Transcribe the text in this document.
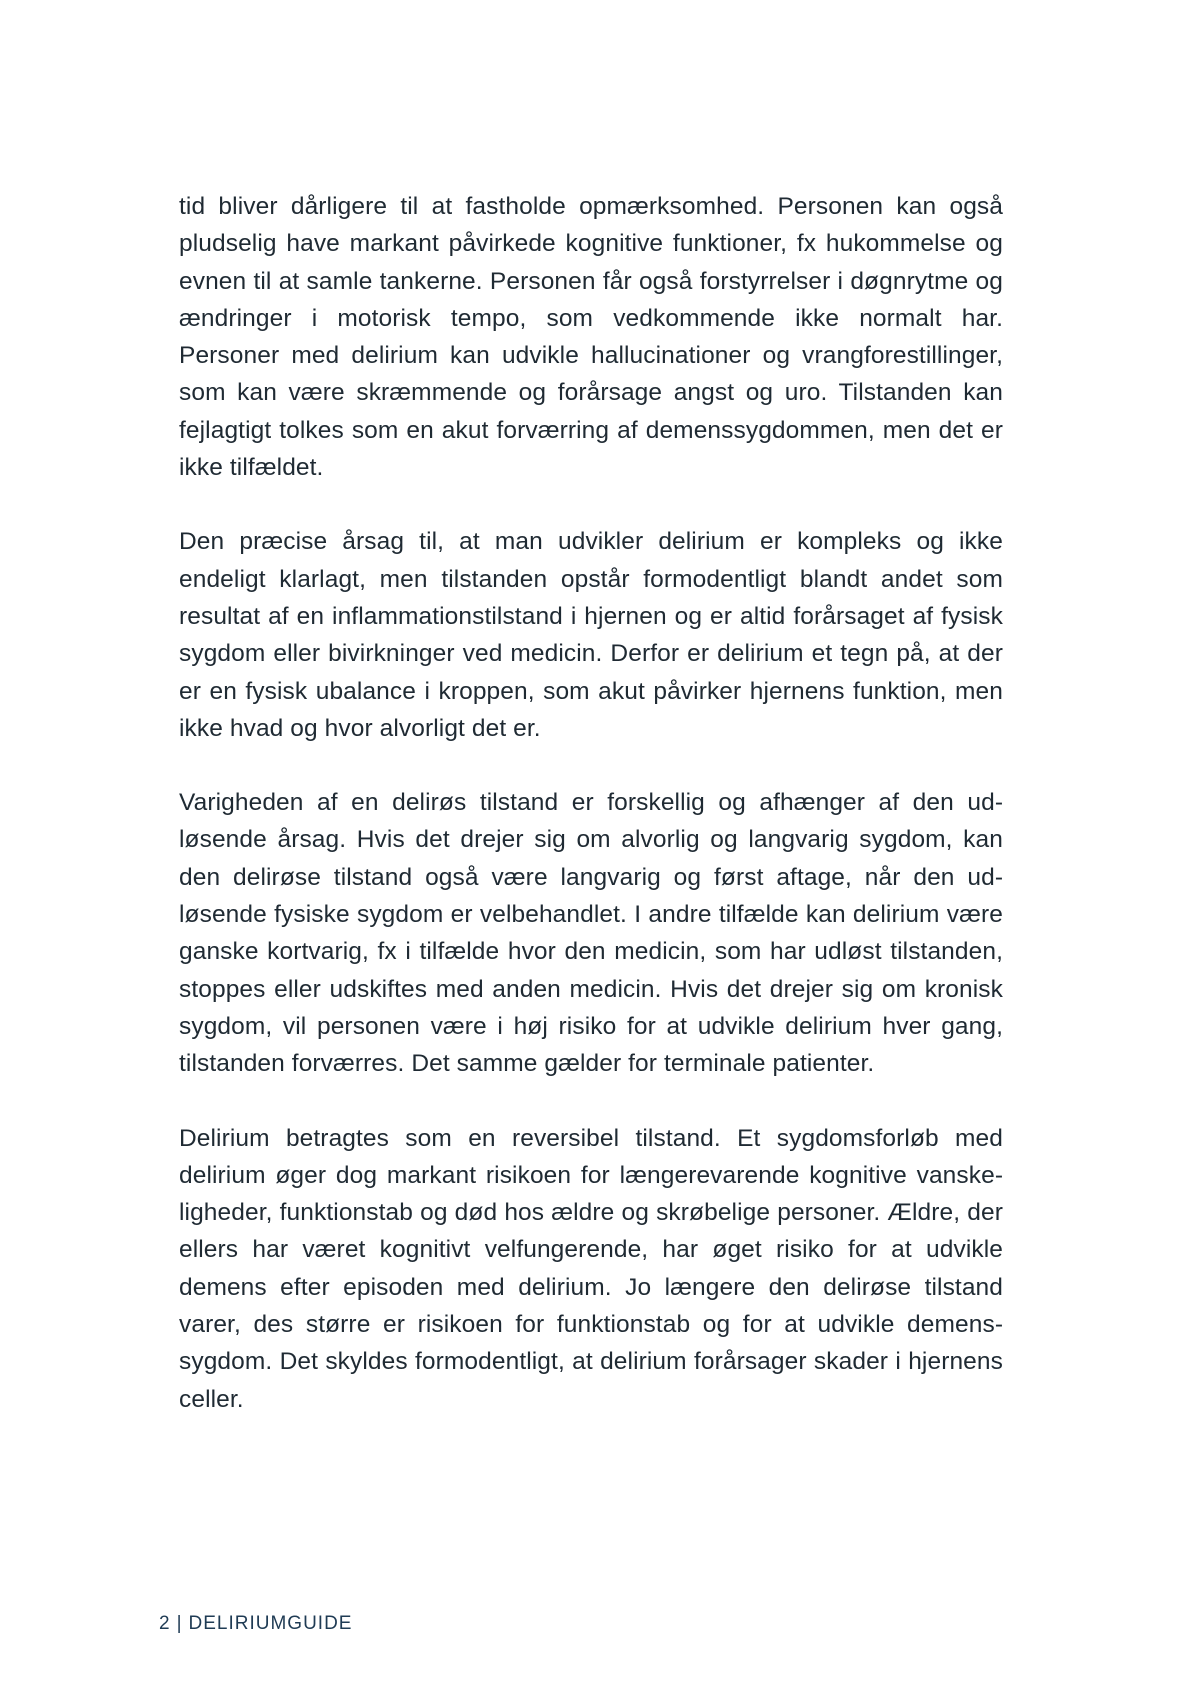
tid bliver dårligere til at fastholde opmærksomhed. Personen kan også pludselig have markant påvirkede kognitive funktioner, fx hukommelse og evnen til at samle tankerne. Personen får også forstyrrelser i døgnrytme og ændringer i motorisk tempo, som vedkommende ikke normalt har. Personer med delirium kan udvikle hallucinationer og vrangforestillinger, som kan være skræmmende og forårsage angst og uro. Tilstanden kan fejlagtigt tolkes som en akut forværring af demenssygdommen, men det er ikke tilfældet.

Den præcise årsag til, at man udvikler delirium er kompleks og ikke endeligt klarlagt, men tilstanden opstår formodentligt blandt andet som resultat af en inflammationstilstand i hjernen og er altid forårsaget af fysisk sygdom eller bivirkninger ved medicin. Derfor er delirium et tegn på, at der er en fysisk ubalance i kroppen, som akut påvirker hjernens funktion, men ikke hvad og hvor alvorligt det er.

Varigheden af en delirøs tilstand er forskellig og afhænger af den udløsende årsag. Hvis det drejer sig om alvorlig og langvarig sygdom, kan den delirøse tilstand også være langvarig og først aftage, når den udløsende fysiske sygdom er velbehandlet. I andre tilfælde kan delirium være ganske kortvarig, fx i tilfælde hvor den medicin, som har udløst tilstanden, stoppes eller udskiftes med anden medicin. Hvis det drejer sig om kronisk sygdom, vil personen være i høj risiko for at udvikle delirium hver gang, tilstanden forværres. Det samme gælder for terminale patienter.

Delirium betragtes som en reversibel tilstand. Et sygdomsforløb med delirium øger dog markant risikoen for længerevarende kognitive vanskeligheder, funktionstab og død hos ældre og skrøbelige personer. Ældre, der ellers har været kognitivt velfungerende, har øget risiko for at udvikle demens efter episoden med delirium. Jo længere den delirøse tilstand varer, des større er risikoen for funktionstab og for at udvikle demenssygdom. Det skyldes formodentligt, at delirium forårsager skader i hjernens celler.

2 | DELIRIUMGUIDE
